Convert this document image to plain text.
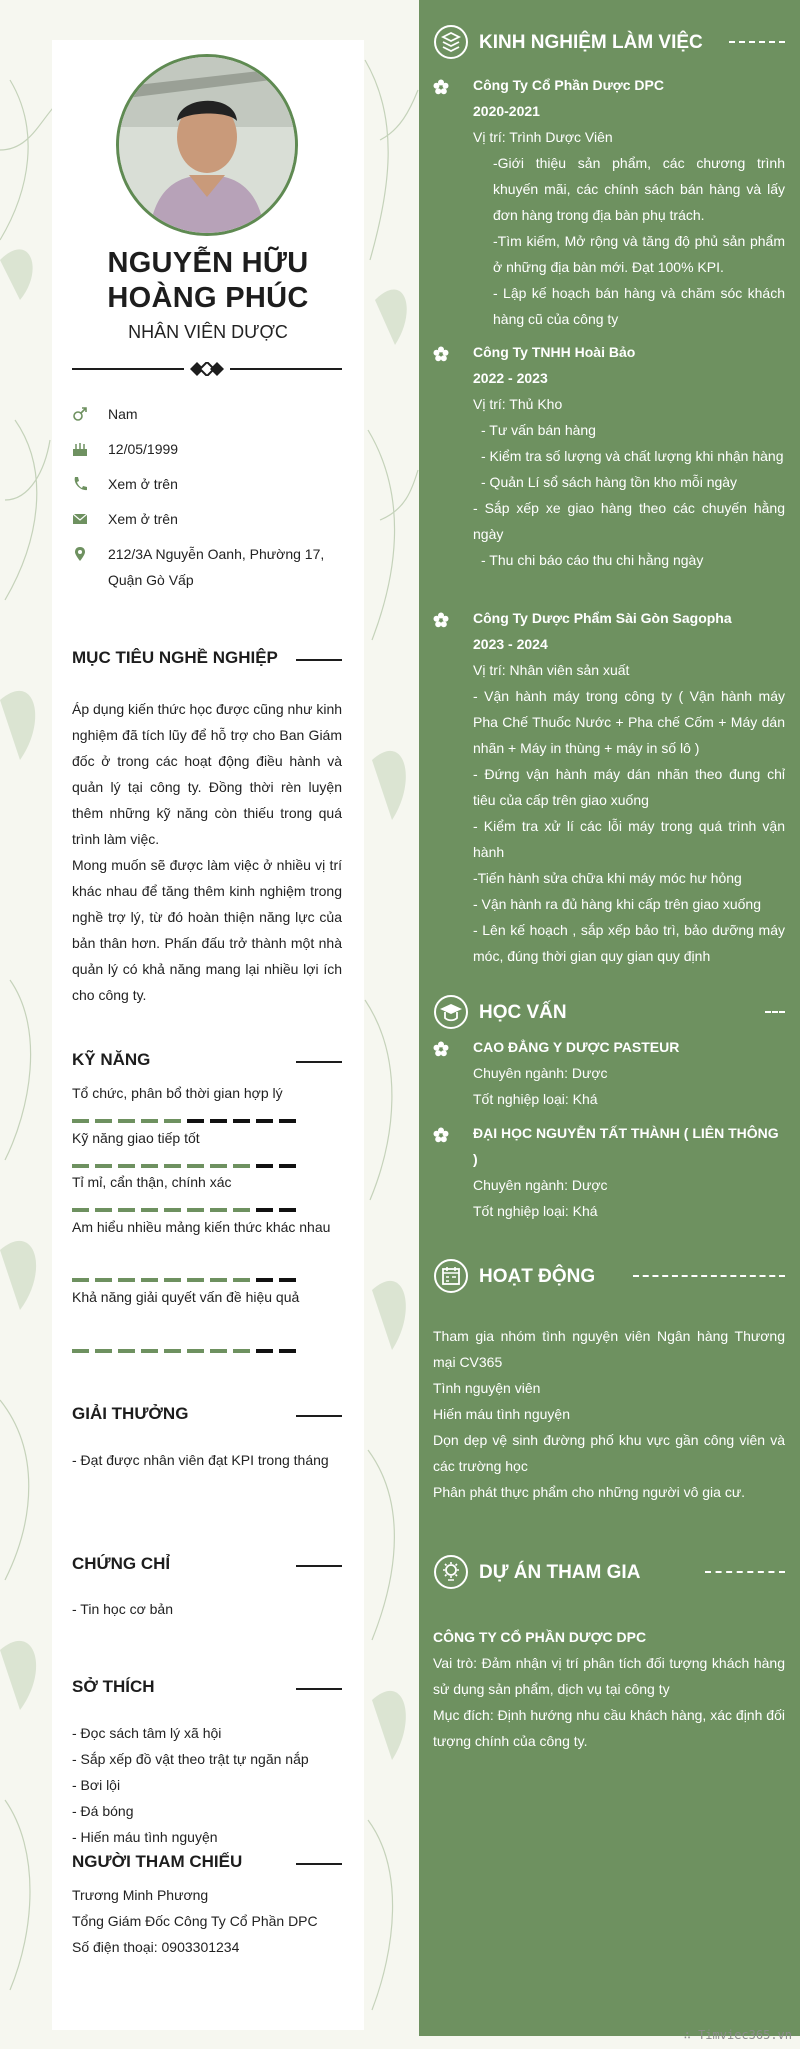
NGUYỄN HỮU
HOÀNG PHÚC
NHÂN VIÊN DƯỢC
Nam
12/05/1999
Xem ở trên
Xem ở trên
212/3A Nguyễn Oanh, Phường 17, Quận Gò Vấp
MỤC TIÊU NGHỀ NGHIỆP

Áp dụng kiến thức học được cũng như kinh nghiệm đã tích lũy để hỗ trợ cho Ban Giám đốc ở trong các hoạt động điều hành và quản lý tại công ty. Đồng thời rèn luyện thêm những kỹ năng còn thiếu trong quá trình làm việc.

Mong muốn sẽ được làm việc ở nhiều vị trí khác nhau để tăng thêm kinh nghiệm trong nghề trợ lý, từ đó hoàn thiện năng lực của bản thân hơn. Phấn đấu trở thành một nhà quản lý có khả năng mang lại nhiều lợi ích cho công ty.

KỸ NĂNG
Tổ chức, phân bổ thời gian hợp lý
Kỹ năng giao tiếp tốt
Tỉ mỉ, cẩn thận, chính xác
Am hiểu nhiều mảng kiến thức khác nhau
Khả năng giải quyết vấn đề hiệu quả
GIẢI THƯỞNG
- Đạt được nhân viên đạt KPI trong tháng
CHỨNG CHỈ
- Tin học cơ bản
SỞ THÍCH
- Đọc sách tâm lý xã hội
- Sắp xếp đồ vật theo trật tự ngăn nắp
- Bơi lội
- Đá bóng
- Hiến máu tình nguyện
NGƯỜI THAM CHIẾU
Trương Minh Phương
Tổng Giám Đốc Công Ty Cổ Phần DPC
Số điện thoại: 0903301234
KINH NGHIỆM LÀM VIỆC
Công Ty Cổ Phần Dược DPC
2020-2021
Vị trí: Trình Dược Viên
-Giới thiệu sản phẩm, các chương trình khuyến mãi, các chính sách bán hàng và lấy đơn hàng trong địa bàn phụ trách.
-Tìm kiếm, Mở rộng và tăng độ phủ sản phẩm ở những địa bàn mới. Đạt 100% KPI.
- Lập kế hoạch bán hàng và chăm sóc khách hàng cũ của công ty
Công Ty TNHH Hoài Bảo
2022 - 2023
Vị trí: Thủ Kho
- Tư vấn bán hàng
- Kiểm tra số lượng và chất lượng khi nhận hàng
- Quản Lí sổ sách hàng tồn kho mỗi ngày
- Sắp xếp xe giao hàng theo các chuyến hằng ngày
- Thu chi báo cáo thu chi hằng ngày
Công Ty Dược Phẩm Sài Gòn Sagopha
2023 - 2024
Vị trí: Nhân viên sản xuất
- Vận hành máy trong công ty ( Vận hành máy Pha Chế Thuốc Nước + Pha chế Cốm + Máy dán nhãn + Máy in thùng + máy in số lô )
- Đứng vận hành máy dán nhãn theo đung chỉ tiêu của cấp trên giao xuống
- Kiểm tra xử lí các lỗi máy trong quá trình vận hành
-Tiến hành sửa chữa khi máy móc hư hỏng
- Vận hành ra đủ hàng khi cấp trên giao xuống
- Lên kế hoạch , sắp xếp bảo trì, bảo dưỡng máy móc, đúng thời gian quy gian quy định
HỌC VẤN
CAO ĐẲNG Y DƯỢC PASTEUR
Chuyên ngành: Dược
Tốt nghiệp loại: Khá
ĐẠI HỌC NGUYỄN TẤT THÀNH ( LIÊN THÔNG )
Chuyên ngành: Dược
Tốt nghiệp loại: Khá
HOẠT ĐỘNG
Tham gia nhóm tình nguyện viên Ngân hàng Thương mại CV365
Tình nguyện viên
Hiến máu tình nguyện
Dọn dẹp vệ sinh đường phố khu vực gần công viên và các trường học
Phân phát thực phẩm cho những người vô gia cư.
DỰ ÁN THAM GIA
CÔNG TY CỔ PHẦN DƯỢC DPC
Vai trò: Đảm nhận vị trí phân tích đối tượng khách hàng sử dụng sản phẩm, dịch vụ tại công ty
Mục đích: Định hướng nhu cầu khách hàng, xác định đối tượng chính của công ty.
∴ Timviec365.vn
